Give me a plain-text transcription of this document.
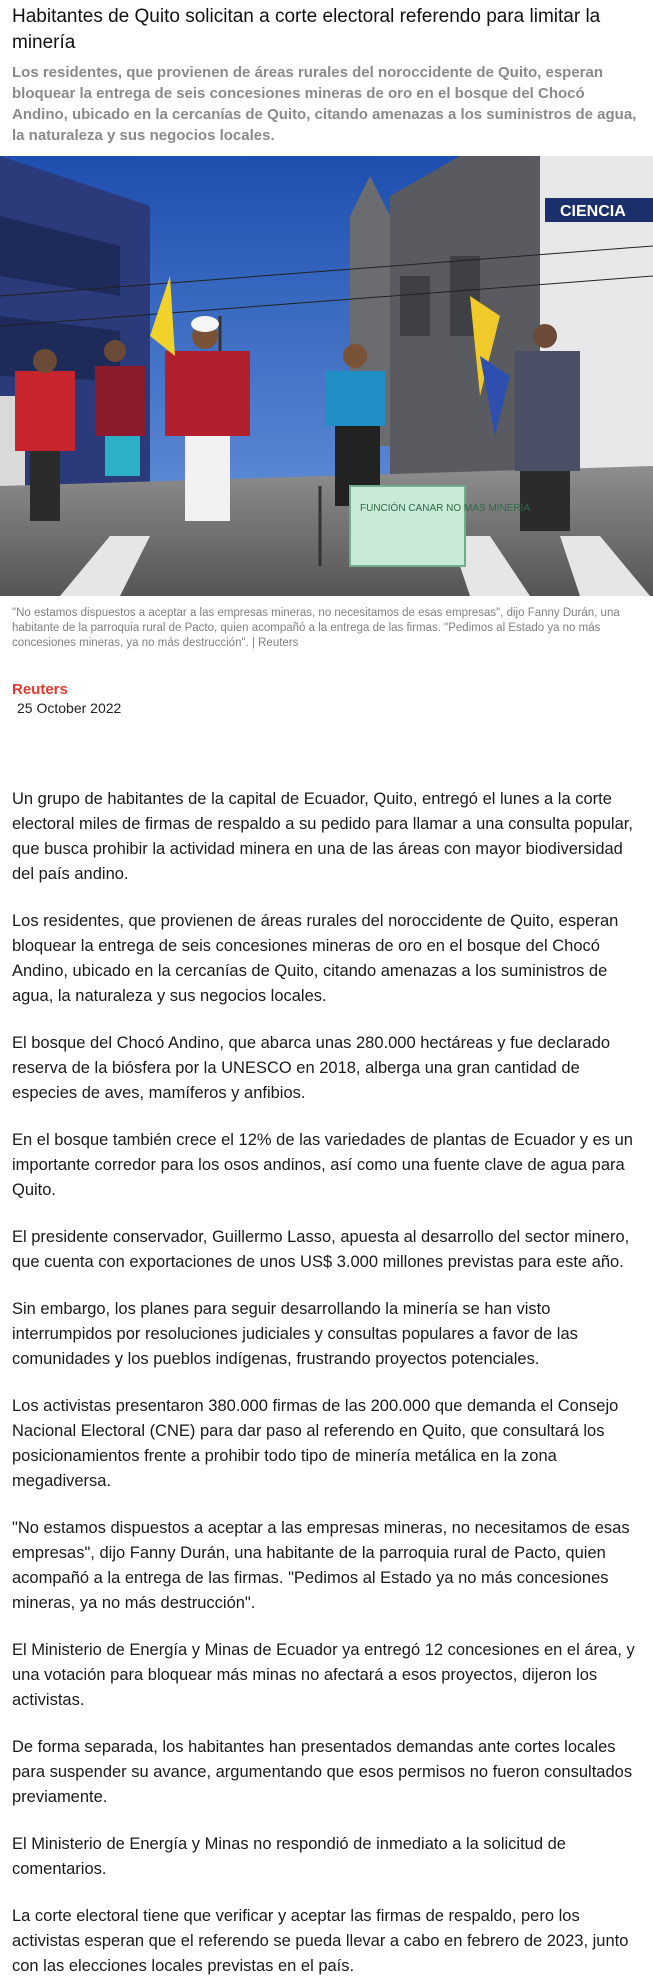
Habitantes de Quito solicitan a corte electoral referendo para limitar la minería

Los residentes, que provienen de áreas rurales del noroccidente de Quito, esperan bloquear la entrega de seis concesiones mineras de oro en el bosque del Chocó Andino, ubicado en la cercanías de Quito, citando amenazas a los suministros de agua, la naturaleza y sus negocios locales.

CIENCIA
FUNCIÓN CANAR NO MAS MINERÍA

"No estamos dispuestos a aceptar a las empresas mineras, no necesitamos de esas empresas", dijo Fanny Durán, una habitante de la parroquia rural de Pacto, quien acompañó a la entrega de las firmas. "Pedimos al Estado ya no más concesiones mineras, ya no más destrucción". | Reuters

Reuters
25 October 2022

Un grupo de habitantes de la capital de Ecuador, Quito, entregó el lunes a la corte electoral miles de firmas de respaldo a su pedido para llamar a una consulta popular, que busca prohibir la actividad minera en una de las áreas con mayor biodiversidad del país andino.

Los residentes, que provienen de áreas rurales del noroccidente de Quito, esperan bloquear la entrega de seis concesiones mineras de oro en el bosque del Chocó Andino, ubicado en la cercanías de Quito, citando amenazas a los suministros de agua, la naturaleza y sus negocios locales.

El bosque del Chocó Andino, que abarca unas 280.000 hectáreas y fue declarado reserva de la biósfera por la UNESCO en 2018, alberga una gran cantidad de especies de aves, mamíferos y anfibios.

En el bosque también crece el 12% de las variedades de plantas de Ecuador y es un importante corredor para los osos andinos, así como una fuente clave de agua para Quito.

El presidente conservador, Guillermo Lasso, apuesta al desarrollo del sector minero, que cuenta con exportaciones de unos US$ 3.000 millones previstas para este año.

Sin embargo, los planes para seguir desarrollando la minería se han visto interrumpidos por resoluciones judiciales y consultas populares a favor de las comunidades y los pueblos indígenas, frustrando proyectos potenciales.

Los activistas presentaron 380.000 firmas de las 200.000 que demanda el Consejo Nacional Electoral (CNE) para dar paso al referendo en Quito, que consultará los posicionamientos frente a prohibir todo tipo de minería metálica en la zona megadiversa.

"No estamos dispuestos a aceptar a las empresas mineras, no necesitamos de esas empresas", dijo Fanny Durán, una habitante de la parroquia rural de Pacto, quien acompañó a la entrega de las firmas. "Pedimos al Estado ya no más concesiones mineras, ya no más destrucción".

El Ministerio de Energía y Minas de Ecuador ya entregó 12 concesiones en el área, y una votación para bloquear más minas no afectará a esos proyectos, dijeron los activistas.

De forma separada, los habitantes han presentados demandas ante cortes locales para suspender su avance, argumentando que esos permisos no fueron consultados previamente.

El Ministerio de Energía y Minas no respondió de inmediato a la solicitud de comentarios.

La corte electoral tiene que verificar y aceptar las firmas de respaldo, pero los activistas esperan que el referendo se pueda llevar a cabo en febrero de 2023, junto con las elecciones locales previstas en el país.
